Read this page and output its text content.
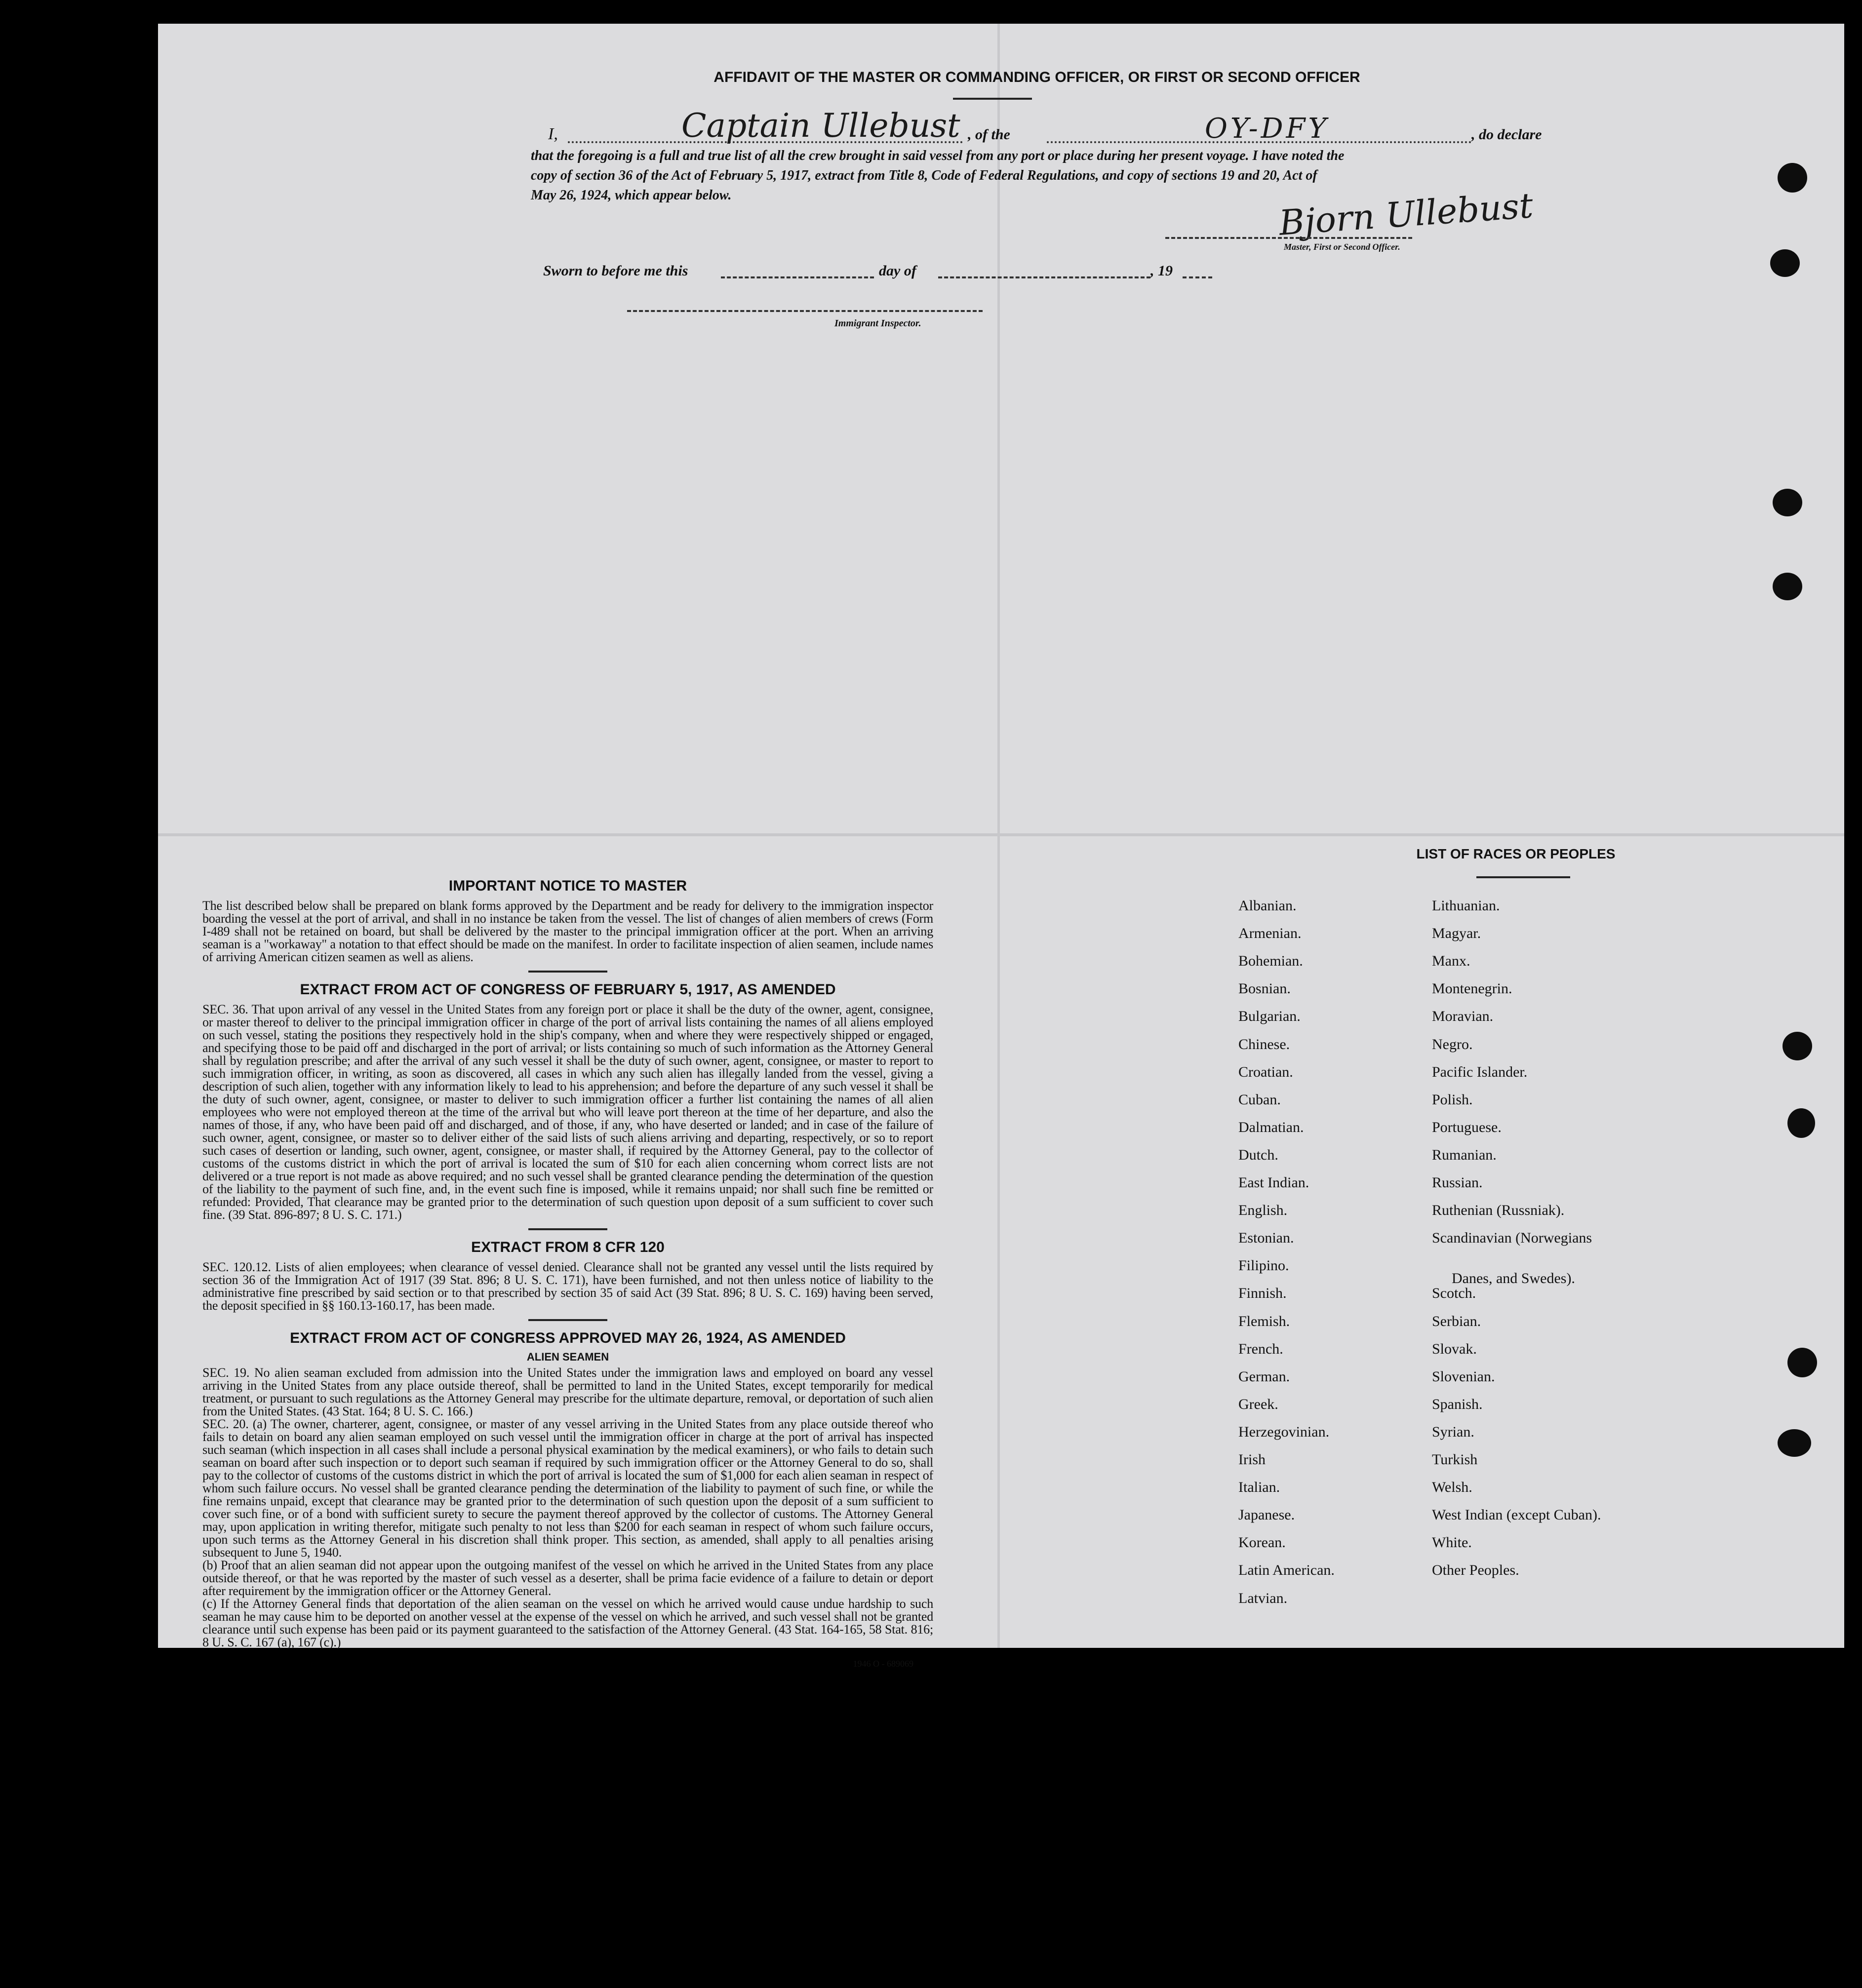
AFFIDAVIT OF THE MASTER OR COMMANDING OFFICER, OR FIRST OR SECOND OFFICER
I,	Captain Ullebust , of the	OY-DFY	, do declare
that the foregoing is a full and true list of all the crew brought in said vessel from any port or place during her present voyage. I have noted the
copy of section 36 of the Act of February 5, 1917, extract from Title 8, Code of Federal Regulations, and copy of sections 19 and 20, Act of
May 26, 1924, which appear below.	Bjorn Ullebust
Master, First or Second Officer.
Sworn to before me this	day of	, 19
Immigrant Inspector.
IMPORTANT NOTICE TO MASTER
The list described below shall be prepared on blank forms approved by the Department and be ready for delivery to the immigration inspector boarding the vessel at the port of arrival, and shall in no instance be taken from the vessel. The list of changes of alien members of crews (Form I-489 shall not be retained on board, but shall be delivered by the master to the principal immigration officer at the port. When an arriving seaman is a "workaway" a notation to that effect should be made on the manifest. In order to facilitate inspection of alien seamen, include names of arriving American citizen seamen as well as aliens.
EXTRACT FROM ACT OF CONGRESS OF FEBRUARY 5, 1917, AS AMENDED
SEC. 36. That upon arrival of any vessel in the United States from any foreign port or place it shall be the duty of the owner, agent, consignee, or master thereof to deliver to the principal immigration officer in charge of the port of arrival lists containing the names of all aliens employed on such vessel, stating the positions they respectively hold in the ship's company, when and where they were respectively shipped or engaged, and specifying those to be paid off and discharged in the port of arrival; or lists containing so much of such information as the Attorney General shall by regulation prescribe; and after the arrival of any such vessel it shall be the duty of such owner, agent, consignee, or master to report to such immigration officer, in writing, as soon as discovered, all cases in which any such alien has illegally landed from the vessel, giving a description of such alien, together with any information likely to lead to his apprehension; and before the departure of any such vessel it shall be the duty of such owner, agent, consignee, or master to deliver to such immigration officer a further list containing the names of all alien employees who were not employed thereon at the time of the arrival but who will leave port thereon at the time of her departure, and also the names of those, if any, who have been paid off and discharged, and of those, if any, who have deserted or landed; and in case of the failure of such owner, agent, consignee, or master so to deliver either of the said lists of such aliens arriving and departing, respectively, or so to report such cases of desertion or landing, such owner, agent, consignee, or master shall, if required by the Attorney General, pay to the collector of customs of the customs district in which the port of arrival is located the sum of $10 for each alien concerning whom correct lists are not delivered or a true report is not made as above required; and no such vessel shall be granted clearance pending the determination of the question of the liability to the payment of such fine, and, in the event such fine is imposed, while it remains unpaid; nor shall such fine be remitted or refunded: Provided, That clearance may be granted prior to the determination of such question upon deposit of a sum sufficient to cover such fine. (39 Stat. 896-897; 8 U. S. C. 171.)
EXTRACT FROM 8 CFR 120
SEC. 120.12. Lists of alien employees; when clearance of vessel denied. Clearance shall not be granted any vessel until the lists required by section 36 of the Immigration Act of 1917 (39 Stat. 896; 8 U. S. C. 171), have been furnished, and not then unless notice of liability to the administrative fine prescribed by said section or to that prescribed by section 35 of said Act (39 Stat. 896; 8 U. S. C. 169) having been served, the deposit specified in §§ 160.13-160.17, has been made.
EXTRACT FROM ACT OF CONGRESS APPROVED MAY 26, 1924, AS AMENDED
ALIEN SEAMEN
SEC. 19. No alien seaman excluded from admission into the United States under the immigration laws and employed on board any vessel arriving in the United States from any place outside thereof, shall be permitted to land in the United States, except temporarily for medical treatment, or pursuant to such regulations as the Attorney General may prescribe for the ultimate departure, removal, or deportation of such alien from the United States. (43 Stat. 164; 8 U. S. C. 166.)
SEC. 20. (a) The owner, charterer, agent, consignee, or master of any vessel arriving in the United States from any place outside thereof who fails to detain on board any alien seaman employed on such vessel until the immigration officer in charge at the port of arrival has inspected such seaman (which inspection in all cases shall include a personal physical examination by the medical examiners), or who fails to detain such seaman on board after such inspection or to deport such seaman if required by such immigration officer or the Attorney General to do so, shall pay to the collector of customs of the customs district in which the port of arrival is located the sum of $1,000 for each alien seaman in respect of whom such failure occurs. No vessel shall be granted clearance pending the determination of the liability to payment of such fine, or while the fine remains unpaid, except that clearance may be granted prior to the determination of such question upon the deposit of a sum sufficient to cover such fine, or of a bond with sufficient surety to secure the payment thereof approved by the collector of customs. The Attorney General may, upon application in writing therefor, mitigate such penalty to not less than $200 for each seaman in respect of whom such failure occurs, upon such terms as the Attorney General in his discretion shall think proper. This section, as amended, shall apply to all penalties arising subsequent to June 5, 1940.
(b) Proof that an alien seaman did not appear upon the outgoing manifest of the vessel on which he arrived in the United States from any place outside thereof, or that he was reported by the master of such vessel as a deserter, shall be prima facie evidence of a failure to detain or deport after requirement by the immigration officer or the Attorney General.
(c) If the Attorney General finds that deportation of the alien seaman on the vessel on which he arrived would cause undue hardship to such seaman he may cause him to be deported on another vessel at the expense of the vessel on which he arrived, and such vessel shall not be granted clearance until such expense has been paid or its payment guaranteed to the satisfaction of the Attorney General. (43 Stat. 164-165, 58 Stat. 816; 8 U. S. C. 167 (a), 167 (c).)
1946 O - 689069
LIST OF RACES OR PEOPLES
Albanian.
Armenian.
Bohemian.
Bosnian.
Bulgarian.
Chinese.
Croatian.
Cuban.
Dalmatian.
Dutch.
East Indian.
English.
Estonian.
Filipino.
Finnish.
Flemish.
French.
German.
Greek.
Herzegovinian.
Irish
Italian.
Japanese.
Korean.
Latin American.
Latvian.
Lithuanian.
Magyar.
Manx.
Montenegrin.
Moravian.
Negro.
Pacific Islander.
Polish.
Portuguese.
Rumanian.
Russian.
Ruthenian (Russniak).
Scandinavian (Norwegians
Danes, and Swedes).
Scotch.
Serbian.
Slovak.
Slovenian.
Spanish.
Syrian.
Turkish
Welsh.
West Indian (except Cuban).
White.
Other Peoples.
